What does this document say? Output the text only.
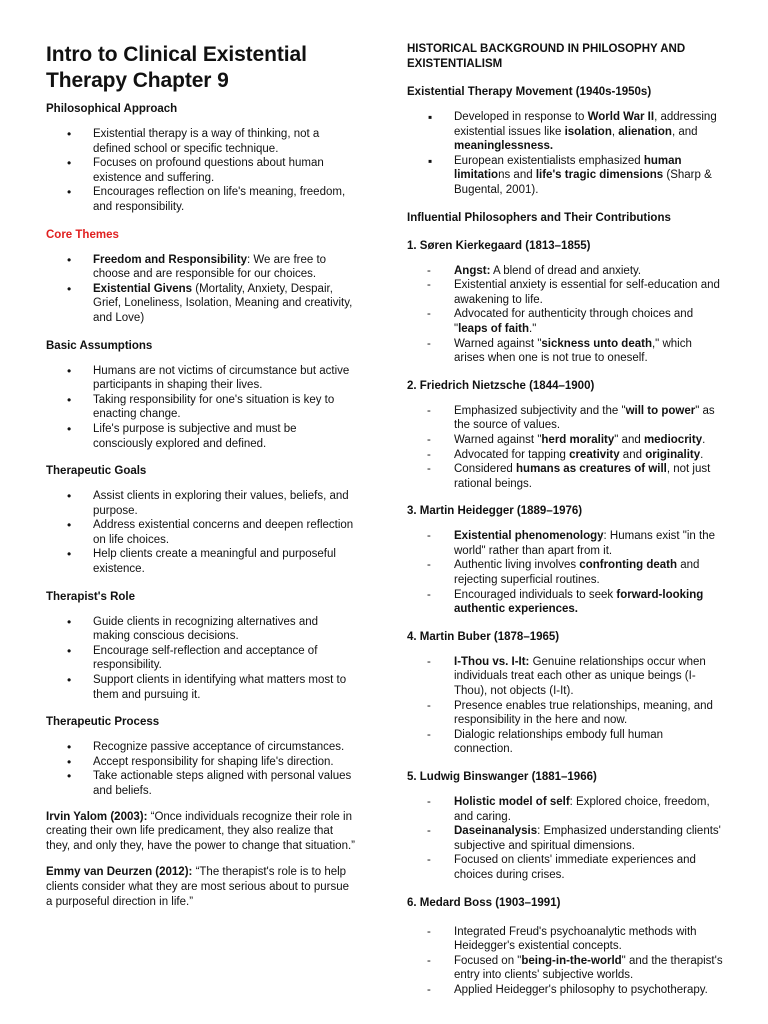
Intro to Clinical Existential Therapy Chapter 9
Philosophical Approach
• Existential therapy is a way of thinking, not a defined school or specific technique.
• Focuses on profound questions about human existence and suffering.
• Encourages reflection on life's meaning, freedom, and responsibility.
Core Themes
• Freedom and Responsibility: We are free to choose and are responsible for our choices.
• Existential Givens (Mortality, Anxiety, Despair, Grief, Loneliness, Isolation, Meaning and creativity, and Love)
Basic Assumptions
• Humans are not victims of circumstance but active participants in shaping their lives.
• Taking responsibility for one's situation is key to enacting change.
• Life's purpose is subjective and must be consciously explored and defined.
Therapeutic Goals
• Assist clients in exploring their values, beliefs, and purpose.
• Address existential concerns and deepen reflection on life choices.
• Help clients create a meaningful and purposeful existence.
Therapist's Role
• Guide clients in recognizing alternatives and making conscious decisions.
• Encourage self-reflection and acceptance of responsibility.
• Support clients in identifying what matters most to them and pursuing it.
Therapeutic Process
• Recognize passive acceptance of circumstances.
• Accept responsibility for shaping life's direction.
• Take actionable steps aligned with personal values and beliefs.

Irvin Yalom (2003): “Once individuals recognize their role in creating their own life predicament, they also realize that they, and only they, have the power to change that situation.”

Emmy van Deurzen (2012): “The therapist's role is to help clients consider what they are most serious about to pursue a purposeful direction in life.”

HISTORICAL BACKGROUND IN PHILOSOPHY AND EXISTENTIALISM
Existential Therapy Movement (1940s-1950s)
▪ Developed in response to World War II, addressing existential issues like isolation, alienation, and meaninglessness.
▪ European existentialists emphasized human limitations and life's tragic dimensions (Sharp & Bugental, 2001).
Influential Philosophers and Their Contributions
1. Søren Kierkegaard (1813–1855)
- Angst: A blend of dread and anxiety.
- Existential anxiety is essential for self-education and awakening to life.
- Advocated for authenticity through choices and "leaps of faith."
- Warned against "sickness unto death," which arises when one is not true to oneself.
2. Friedrich Nietzsche (1844–1900)
- Emphasized subjectivity and the "will to power" as the source of values.
- Warned against "herd morality" and mediocrity.
- Advocated for tapping creativity and originality.
- Considered humans as creatures of will, not just rational beings.
3. Martin Heidegger (1889–1976)
- Existential phenomenology: Humans exist "in the world" rather than apart from it.
- Authentic living involves confronting death and rejecting superficial routines.
- Encouraged individuals to seek forward-looking authentic experiences.
4. Martin Buber (1878–1965)
- I-Thou vs. I-It: Genuine relationships occur when individuals treat each other as unique beings (I-Thou), not objects (I-It).
- Presence enables true relationships, meaning, and responsibility in the here and now.
- Dialogic relationships embody full human connection.
5. Ludwig Binswanger (1881–1966)
- Holistic model of self: Explored choice, freedom, and caring.
- Daseinanalysis: Emphasized understanding clients' subjective and spiritual dimensions.
- Focused on clients' immediate experiences and choices during crises.
6. Medard Boss (1903–1991)
- Integrated Freud's psychoanalytic methods with Heidegger's existential concepts.
- Focused on "being-in-the-world" and the therapist's entry into clients' subjective worlds.
- Applied Heidegger's philosophy to psychotherapy.
